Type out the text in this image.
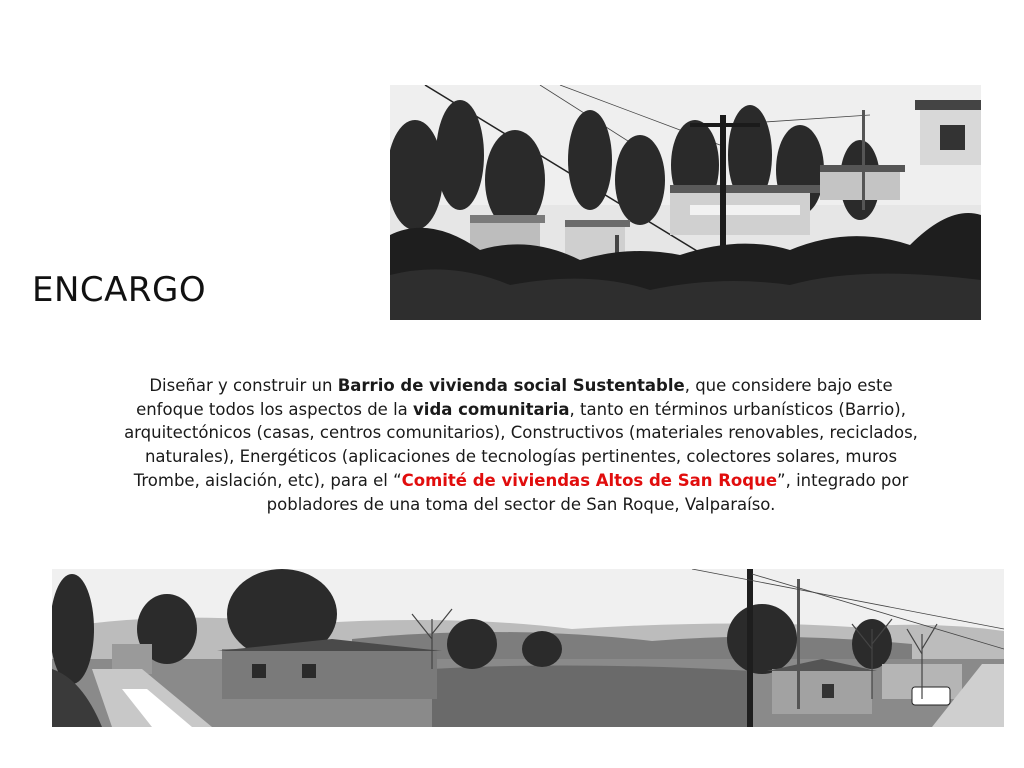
ENCARGO

Diseñar y construir un Barrio de vivienda social Sustentable, que considere bajo este enfoque todos los aspectos de la vida comunitaria, tanto en términos urbanísticos (Barrio), arquitectónicos (casas, centros comunitarios), Constructivos (materiales renovables, reciclados, naturales), Energéticos (aplicaciones de tecnologías pertinentes, colectores solares, muros Trombe, aislación, etc), para el “Comité de viviendas Altos de San Roque”, integrado por pobladores de una toma del sector de San Roque, Valparaíso.
